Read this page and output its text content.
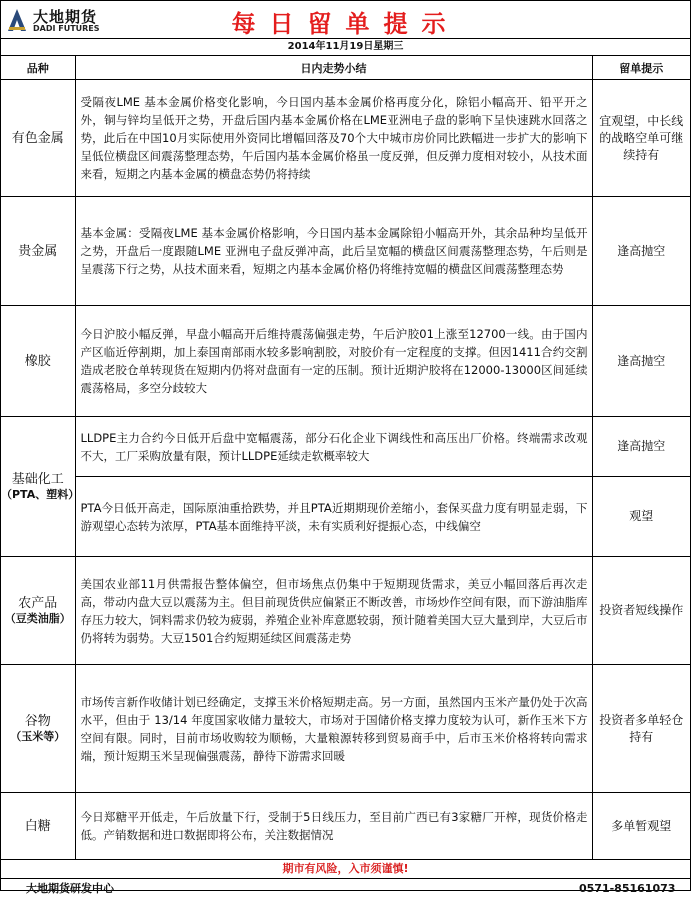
大地期货
DADI FUTURES	每日留单提示
2014年11月19日星期三
品种	日内走势小结	留单提示
有色金属	受隔夜LME 基本金属价格变化影响，今日国内基本金属价格再度分化，除铝小幅高开、铅平开之外，铜与锌均呈低开之势，开盘后国内基本金属价格在LME亚洲电子盘的影响下呈快速跳水回落之势，此后在中国10月实际使用外资同比增幅回落及70个大中城市房价同比跌幅进一步扩大的影响下呈低位横盘区间震荡整理态势，午后国内基本金属价格虽一度反弹，但反弹力度相对较小，从技术面来看，短期之内基本金属的横盘态势仍将持续	宜观望，中长线的战略空单可继续持有
贵金属	基本金属：受隔夜LME 基本金属价格影响，今日国内基本金属除铅小幅高开外，其余品种均呈低开之势，开盘后一度跟随LME 亚洲电子盘反弹冲高，此后呈宽幅的横盘区间震荡整理态势，午后则是呈震荡下行之势，从技术面来看，短期之内基本金属价格仍将维持宽幅的横盘区间震荡整理态势	逢高抛空
橡胶	今日沪胶小幅反弹，早盘小幅高开后维持震荡偏强走势，午后沪胶01上涨至12700一线。由于国内产区临近停割期，加上泰国南部雨水较多影响割胶，对胶价有一定程度的支撑。但因1411合约交割造成老胶仓单转现货在短期内仍将对盘面有一定的压制。预计近期沪胶将在12000-13000区间延续震荡格局，多空分歧较大	逢高抛空
基础化工
（PTA、塑料）	LLDPE主力合约今日低开后盘中宽幅震荡，部分石化企业下调线性和高压出厂价格。终端需求改观不大，工厂采购放量有限，预计LLDPE延续走软概率较大	逢高抛空
	PTA今日低开高走，国际原油重拾跌势，并且PTA近期期现价差缩小，套保买盘力度有明显走弱，下游观望心态转为浓厚，PTA基本面维持平淡，未有实质利好提振心态，中线偏空	观望
农产品
（豆类油脂）	美国农业部11月供需报告整体偏空，但市场焦点仍集中于短期现货需求，美豆小幅回落后再次走高，带动内盘大豆以震荡为主。但目前现货供应偏紧正不断改善，市场炒作空间有限，而下游油脂库存压力较大，饲料需求仍较为疲弱，养殖企业补库意愿较弱，预计随着美国大豆大量到岸，大豆后市仍将转为弱势。大豆1501合约短期延续区间震荡走势	投资者短线操作
谷物
（玉米等）	市场传言新作收储计划已经确定，支撑玉米价格短期走高。另一方面，虽然国内玉米产量仍处于次高水平，但由于 13/14 年度国家收储力量较大，市场对于国储价格支撑力度较为认可，新作玉米下方空间有限。同时，目前市场收购较为顺畅，大量粮源转移到贸易商手中，后市玉米价格将转向需求端，预计短期玉米呈现偏强震荡，静待下游需求回暖	投资者多单轻仓持有
白糖	今日郑糖平开低走，午后放量下行，受制于5日线压力，至目前广西已有3家糖厂开榨，现货价格走低。产销数据和进口数据即将公布，关注数据情况	多单暂观望
期市有风险，入市须谨慎!
大地期货研发中心	0571-85161073
